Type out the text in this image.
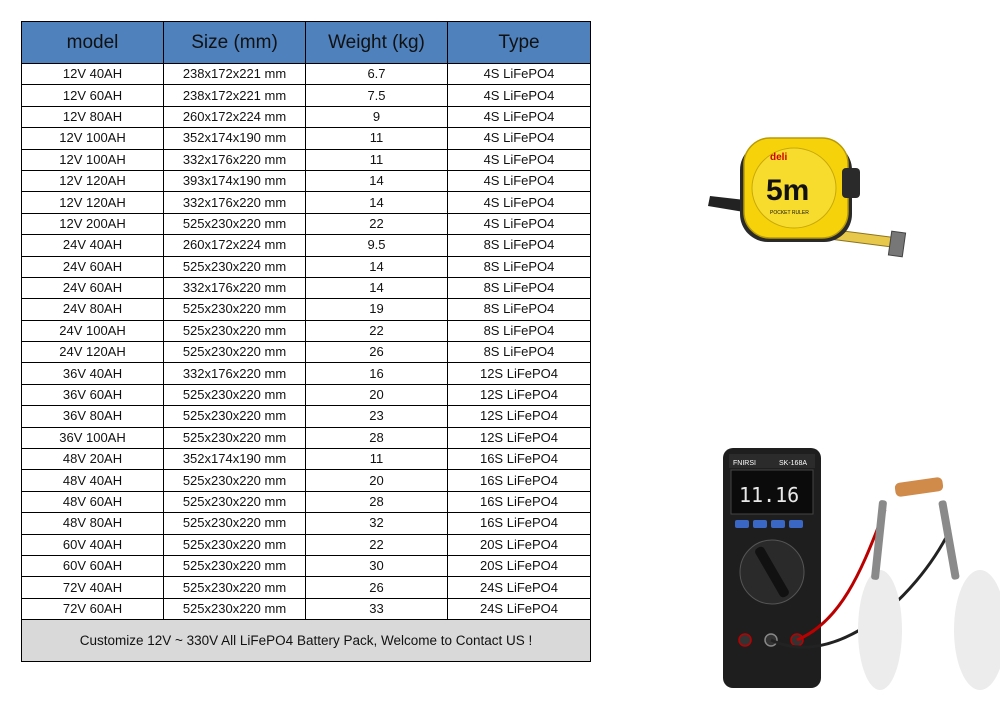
model	Size (mm)	Weight (kg)	Type
12V 40AH	238x172x221 mm	6.7	4S LiFePO4
12V 60AH	238x172x221 mm	7.5	4S LiFePO4
12V 80AH	260x172x224 mm	9	4S LiFePO4
12V 100AH	352x174x190 mm	11	4S LiFePO4
12V 100AH	332x176x220 mm	11	4S LiFePO4
12V 120AH	393x174x190 mm	14	4S LiFePO4
12V 120AH	332x176x220 mm	14	4S LiFePO4
12V 200AH	525x230x220 mm	22	4S LiFePO4
24V 40AH	260x172x224 mm	9.5	8S LiFePO4
24V 60AH	525x230x220 mm	14	8S LiFePO4
24V 60AH	332x176x220 mm	14	8S LiFePO4
24V 80AH	525x230x220 mm	19	8S LiFePO4
24V 100AH	525x230x220 mm	22	8S LiFePO4
24V 120AH	525x230x220 mm	26	8S LiFePO4
36V 40AH	332x176x220 mm	16	12S LiFePO4
36V 60AH	525x230x220 mm	20	12S LiFePO4
36V 80AH	525x230x220 mm	23	12S LiFePO4
36V 100AH	525x230x220 mm	28	12S LiFePO4
48V 20AH	352x174x190 mm	11	16S LiFePO4
48V 40AH	525x230x220 mm	20	16S LiFePO4
48V 60AH	525x230x220 mm	28	16S LiFePO4
48V 80AH	525x230x220 mm	32	16S LiFePO4
60V 40AH	525x230x220 mm	22	20S LiFePO4
60V 60AH	525x230x220 mm	30	20S LiFePO4
72V 40AH	525x230x220 mm	26	24S LiFePO4
72V 60AH	525x230x220 mm	33	24S LiFePO4
Customize 12V ~ 330V All LiFePO4 Battery Pack, Welcome to Contact US !			
deli
5m
POCKET RULER
FNIRSI	SK-168A
11.16
